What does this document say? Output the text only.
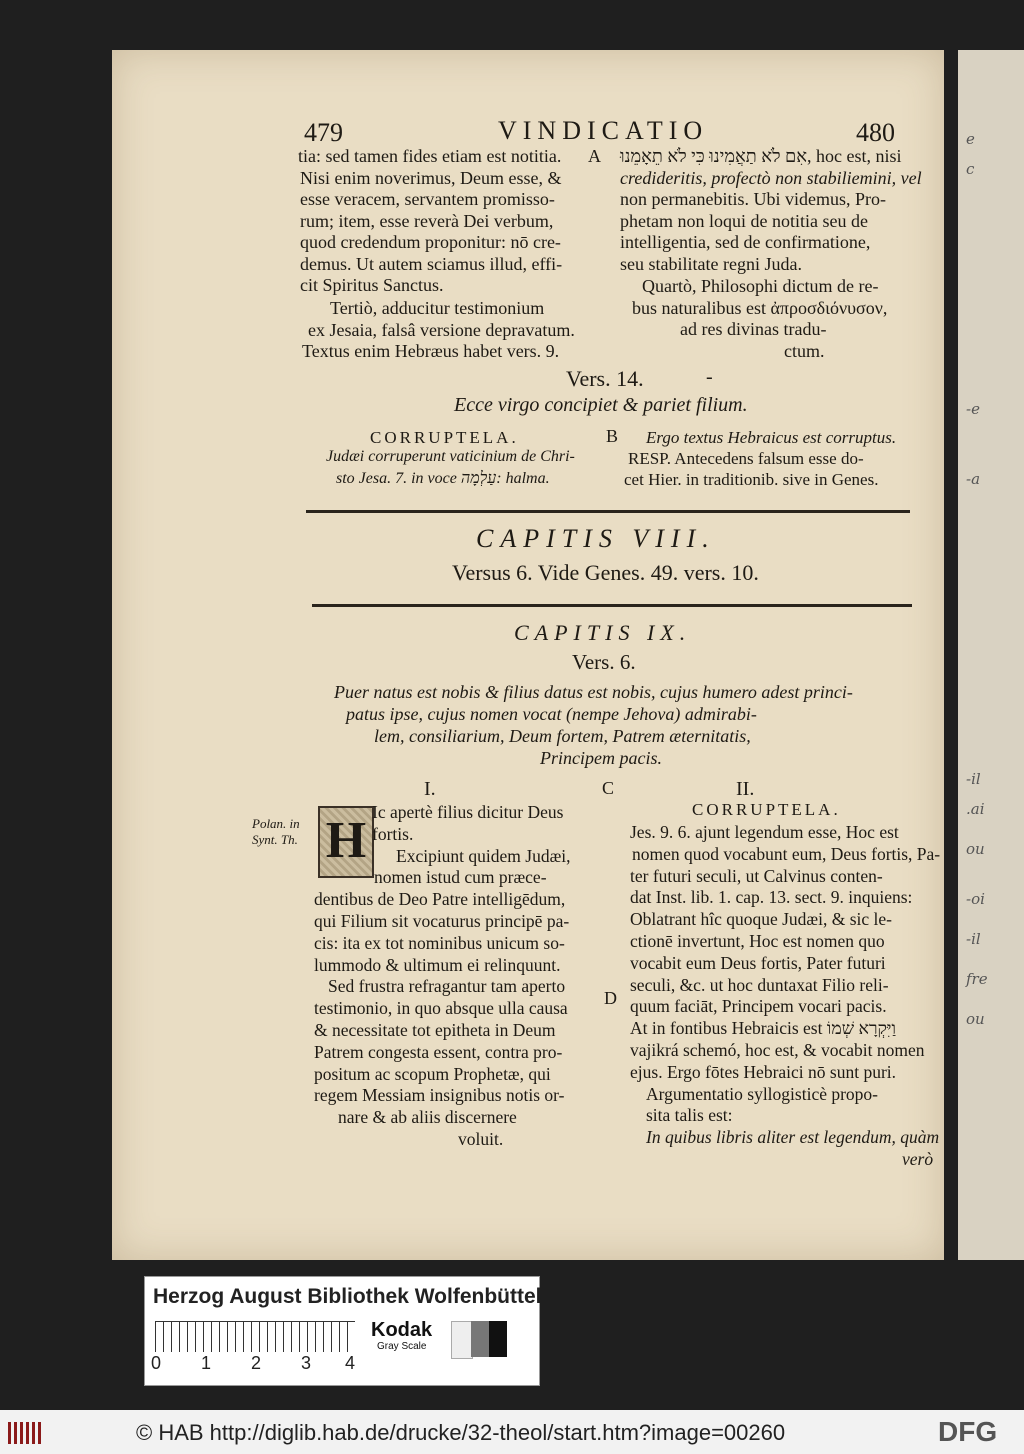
e
c
-e
-a
-il
.ai
ou
-oi
-il
fre
ou
479	VINDICATIO	480
tia: sed tamen fides etiam est notitia.
Nisi enim noverimus, Deum esse, &
esse veracem, servantem promisso-
rum; item, esse reverà Dei verbum,
quod credendum proponitur: nō cre-
demus. Ut autem sciamus illud, effi-
cit Spiritus Sanctus.
Tertiò, adducitur testimonium
ex Jesaia, falsâ versione depravatum.
Textus enim Hebræus habet vers. 9.
אִם לֹא תַאֲמִינוּ כִּי לֹא תֵאָמֵנוּ, hoc est, nisi
credideritis, profectò non stabiliemini, vel
non permanebitis. Ubi videmus, Pro-
phetam non loqui de notitia seu de
intelligentia, sed de confirmatione,
seu stabilitate regni Juda.
Quartò, Philosophi dictum de re-
bus naturalibus est ἀπροσδιόνυσον,
ad res divinas tradu-
ctum.
A
Vers. 14.	-
Ecce virgo concipiet & pariet filium.
CORRUPTELA.	B
Judæi corruperunt vaticinium de Chri-
sto Jesa. 7. in voce עַלְמָה: halma.
Ergo textus Hebraicus est corruptus.
RESP. Antecedens falsum esse do-
cet Hier. in traditionib. sive in Genes.
CAPITIS VIII.
Versus 6. Vide Genes. 49. vers. 10.
CAPITIS IX.
Vers. 6.
Puer natus est nobis & filius datus est nobis, cujus humero adest princi-
patus ipse, cujus nomen vocat (nempe Jehova) admirabi-
lem, consiliarium, Deum fortem, Patrem æternitatis,
Principem pacis.
I.	C
Polan. in
Synt. Th. H Ic apertè filius dicitur Deus
fortis.
Excipiunt quidem Judæi,
nomen istud cum præce-
dentibus de Deo Patre intelligēdum,
qui Filium sit vocaturus principē pa-
cis: ita ex tot nominibus unicum so-
lummodo & ultimum ei relinquunt.
Sed frustra refragantur tam aperto
testimonio, in quo absque ulla causa
& necessitate tot epitheta in Deum
Patrem congesta essent, contra pro-
positum ac scopum Prophetæ, qui
regem Messiam insignibus notis or-
nare & ab aliis discernere
voluit.
II.
CORRUPTELA.
D
Jes. 9. 6. ajunt legendum esse, Hoc est
nomen quod vocabunt eum, Deus fortis, Pa-
ter futuri seculi, ut Calvinus conten-
dat Inst. lib. 1. cap. 13. sect. 9. inquiens:
Oblatrant hîc quoque Judæi, & sic le-
ctionē invertunt, Hoc est nomen quo
vocabit eum Deus fortis, Pater futuri
seculi, &c. ut hoc duntaxat Filio reli-
quum faciāt, Principem vocari pacis.
At in fontibus Hebraicis est וַיִּקְרָא שְׁמוֹ
vajikrá schemó, hoc est, & vocabit nomen
ejus. Ergo fōtes Hebraici nō sunt puri.
Argumentatio syllogisticè propo-
sita talis est:
In quibus libris aliter est legendum, quàm
verò
Herzog August Bibliothek Wolfenbüttel
0 1 2 3 4
Kodak
Gray Scale
© HAB http://diglib.hab.de/drucke/32-theol/start.htm?image=00260	DFG
